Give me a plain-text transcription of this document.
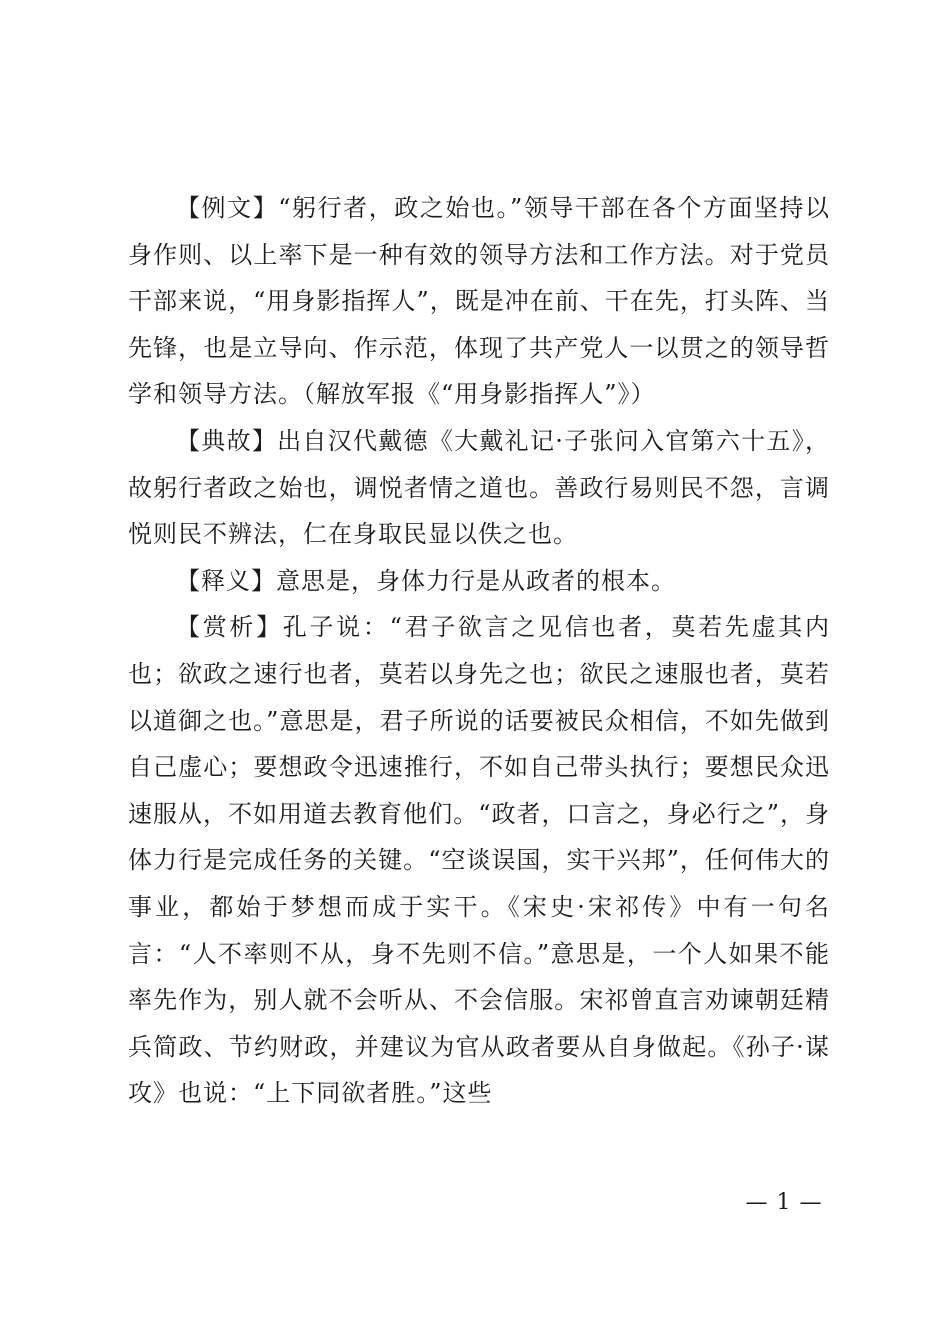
【例文】“躬行者，政之始也。”领导干部在各个方面坚持以身作则、以上率下是一种有效的领导方法和工作方法。对于党员干部来说，“用身影指挥人”，既是冲在前、干在先，打头阵、当先锋，也是立导向、作示范，体现了共产党人一以贯之的领导哲学和领导方法。（解放军报《“用身影指挥人”》）

【典故】出自汉代戴德《大戴礼记·子张问入官第六十五》，故躬行者政之始也，调悦者情之道也。善政行易则民不怨，言调悦则民不辨法，仁在身取民显以佚之也。

【释义】意思是，身体力行是从政者的根本。

【赏析】孔子说：“君子欲言之见信也者，莫若先虚其内也；欲政之速行也者，莫若以身先之也；欲民之速服也者，莫若以道御之也。”意思是，君子所说的话要被民众相信，不如先做到自己虚心；要想政令迅速推行，不如自己带头执行；要想民众迅速服从，不如用道去教育他们。“政者，口言之，身必行之”，身体力行是完成任务的关键。“空谈误国，实干兴邦”，任何伟大的事业，都始于梦想而成于实干。《宋史·宋祁传》中有一句名言：“人不率则不从，身不先则不信。”意思是，一个人如果不能率先作为，别人就不会听从、不会信服。宋祁曾直言劝谏朝廷精兵简政、节约财政，并建议为官从政者要从自身做起。《孙子·谋攻》也说：“上下同欲者胜。”这些

— 1 —
